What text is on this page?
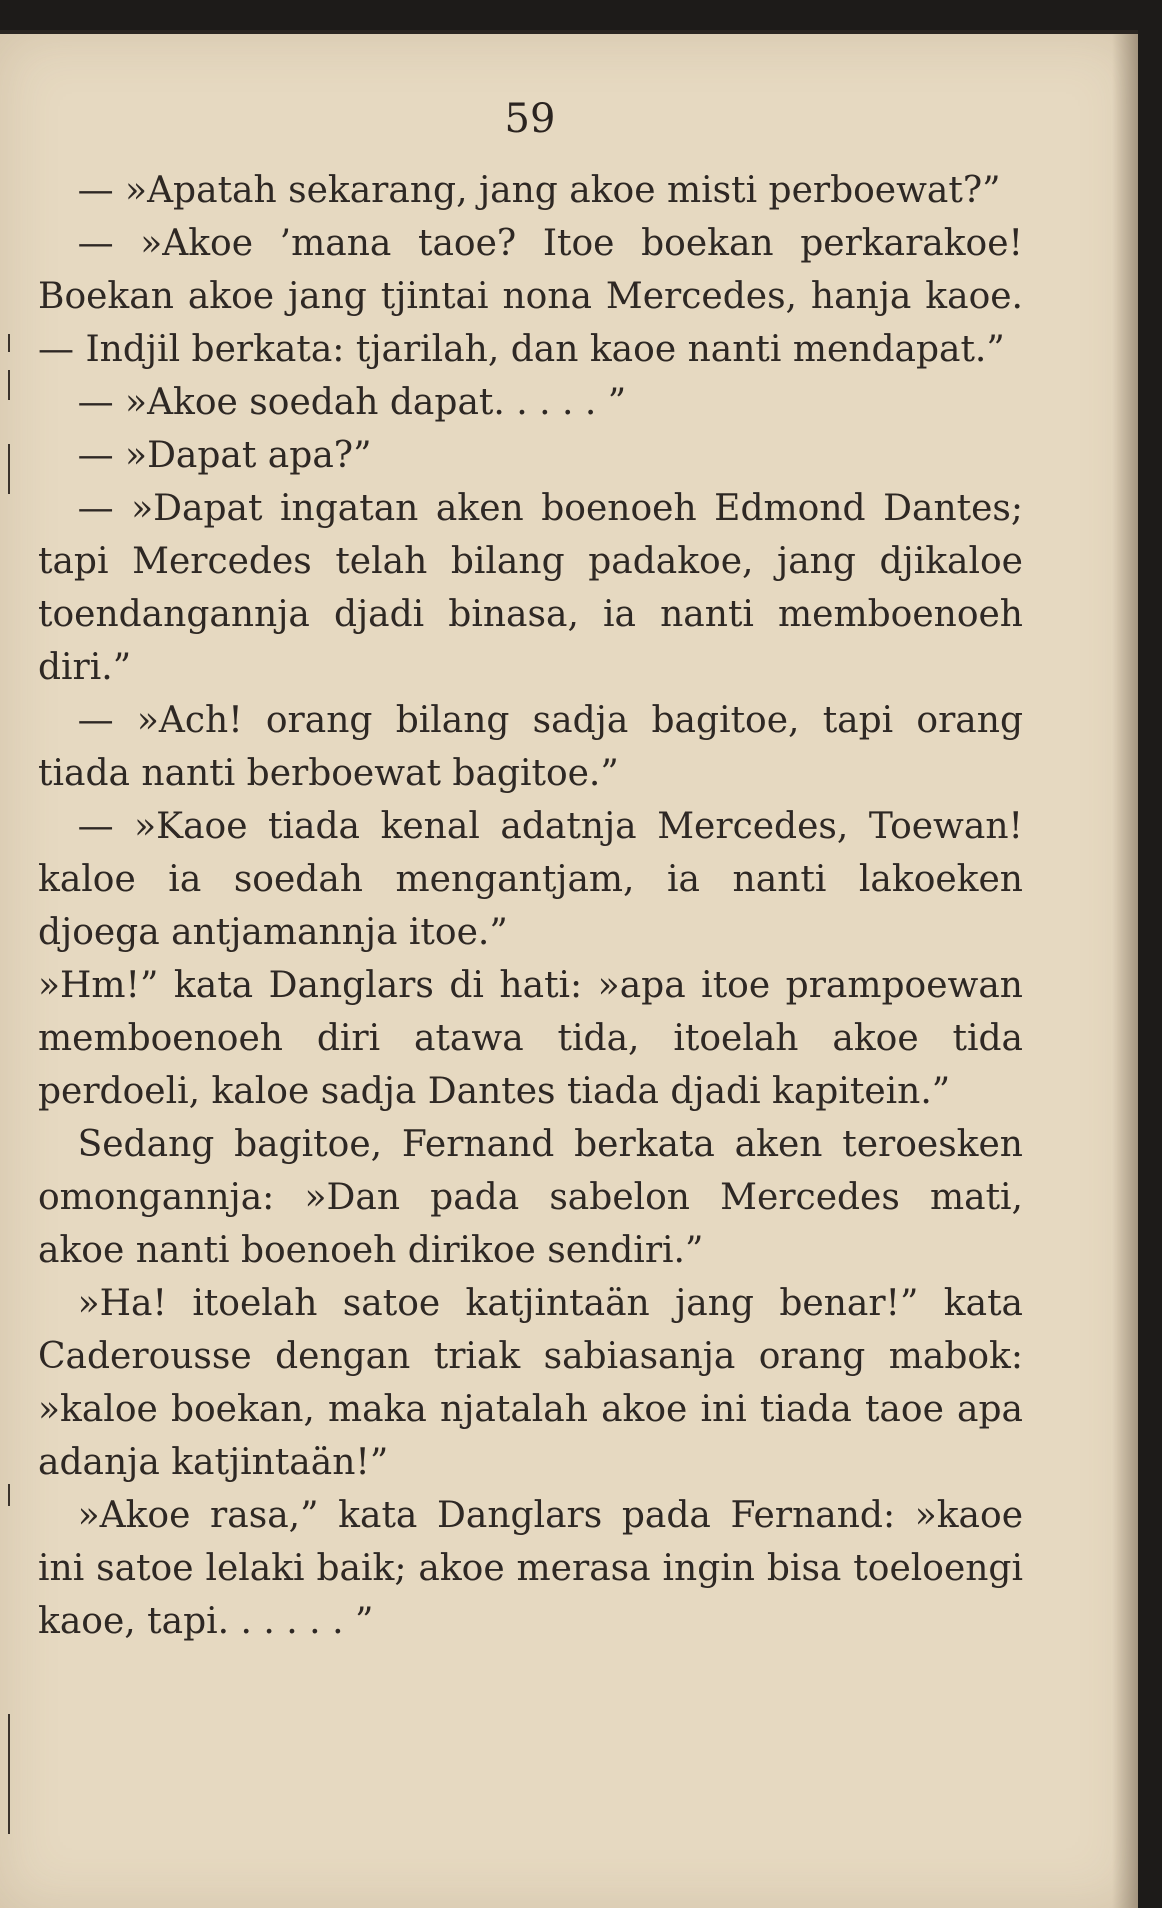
59

— »Apatah sekarang, jang akoe misti perboewat?”

— »Akoe ’mana taoe? Itoe boekan perkarakoe! Boekan akoe jang tjintai nona Mercedes, hanja kaoe. — Indjil berkata: tjarilah, dan kaoe nanti mendapat.”

— »Akoe soedah dapat. . . . . ”

— »Dapat apa?”

— »Dapat ingatan aken boenoeh Edmond Dantes; tapi Mercedes telah bilang padakoe, jang djikaloe toendangannja djadi binasa, ia nanti memboenoeh diri.”

— »Ach! orang bilang sadja bagitoe, tapi orang tiada nanti berboewat bagitoe.”

— »Kaoe tiada kenal adatnja Mercedes, Toewan! kaloe ia soedah mengantjam, ia nanti lakoeken djoega antjamannja itoe.”

»Hm!” kata Danglars di hati: »apa itoe prampoewan memboenoeh diri atawa tida, itoelah akoe tida perdoeli, kaloe sadja Dantes tiada djadi kapitein.”

Sedang bagitoe, Fernand berkata aken teroesken omongannja: »Dan pada sabelon Mercedes mati, akoe nanti boenoeh dirikoe sendiri.”

»Ha! itoelah satoe katjintaän jang benar!” kata Caderousse dengan triak sabiasanja orang mabok: »kaloe boekan, maka njatalah akoe ini tiada taoe apa adanja katjintaän!”

»Akoe rasa,” kata Danglars pada Fernand: »kaoe ini satoe lelaki baik; akoe merasa ingin bisa toeloengi kaoe, tapi. . . . . . ”
